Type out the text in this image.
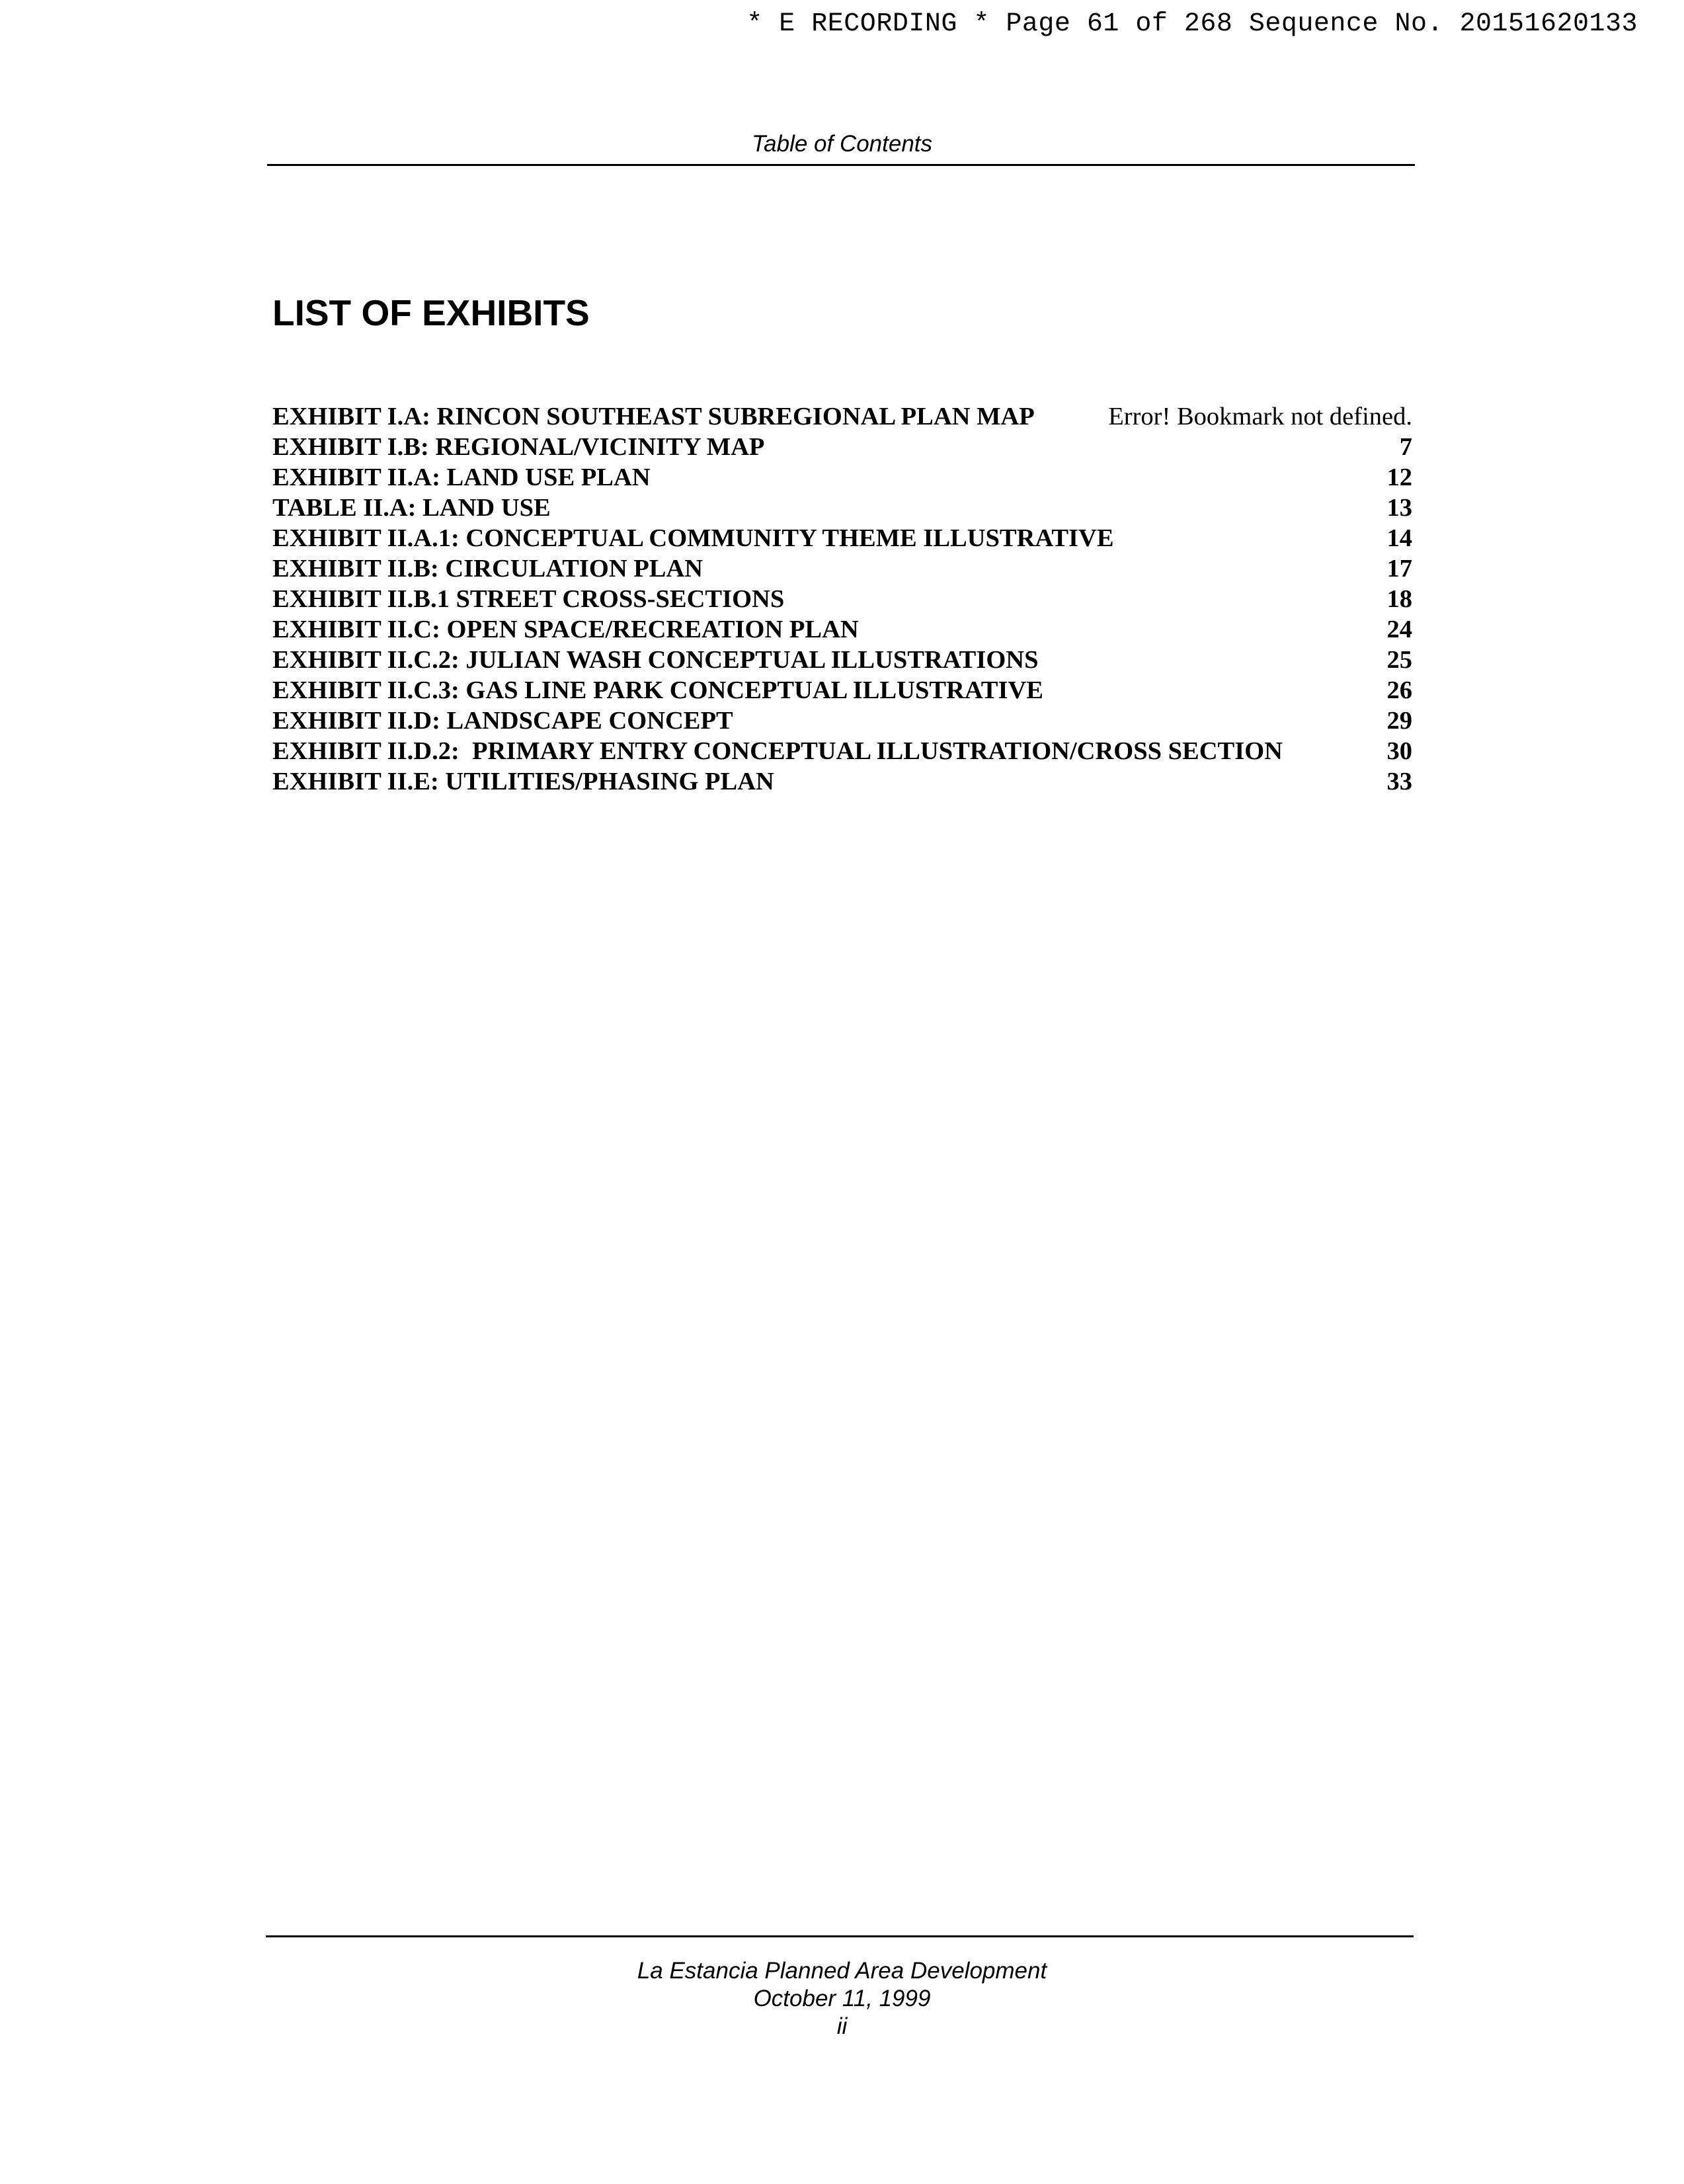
* E RECORDING * Page 61 of 268 Sequence No. 20151620133
Table of Contents
LIST OF EXHIBITS
EXHIBIT I.A: RINCON SOUTHEAST SUBREGIONAL PLAN MAP	Error! Bookmark not defined.
EXHIBIT I.B: REGIONAL/VICINITY MAP	7
EXHIBIT II.A: LAND USE PLAN	12
TABLE II.A: LAND USE	13
EXHIBIT II.A.1: CONCEPTUAL COMMUNITY THEME ILLUSTRATIVE	14
EXHIBIT II.B: CIRCULATION PLAN	17
EXHIBIT II.B.1 STREET CROSS-SECTIONS	18
EXHIBIT II.C: OPEN SPACE/RECREATION PLAN	24
EXHIBIT II.C.2: JULIAN WASH CONCEPTUAL ILLUSTRATIONS	25
EXHIBIT II.C.3: GAS LINE PARK CONCEPTUAL ILLUSTRATIVE	26
EXHIBIT II.D: LANDSCAPE CONCEPT	29
EXHIBIT II.D.2:  PRIMARY ENTRY CONCEPTUAL ILLUSTRATION/CROSS SECTION	30
EXHIBIT II.E: UTILITIES/PHASING PLAN	33
La Estancia Planned Area Development
October 11, 1999
ii
